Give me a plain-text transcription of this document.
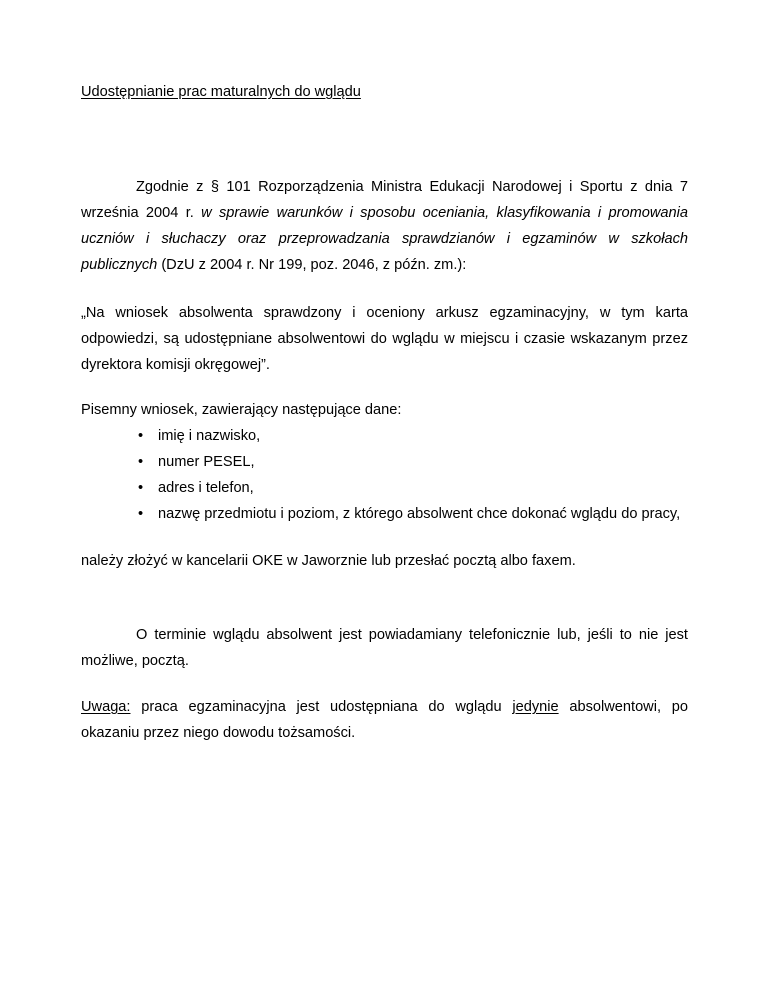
Udostępnianie prac maturalnych do wglądu

Zgodnie z § 101 Rozporządzenia Ministra Edukacji Narodowej i Sportu z dnia 7 września 2004 r. w sprawie warunków i sposobu oceniania, klasyfikowania i promowania uczniów i słuchaczy oraz przeprowadzania sprawdzianów i egzaminów w szkołach publicznych (DzU z 2004 r. Nr 199, poz. 2046, z późn. zm.):

„Na wniosek absolwenta sprawdzony i oceniony arkusz egzaminacyjny, w tym karta odpowiedzi, są udostępniane absolwentowi do wglądu w miejscu i czasie wskazanym przez dyrektora komisji okręgowej”.

Pisemny wniosek, zawierający następujące dane:

• imię i nazwisko,
• numer PESEL,
• adres i telefon,
• nazwę przedmiotu i poziom, z którego absolwent chce dokonać wglądu do pracy,

należy złożyć w kancelarii OKE w Jaworznie lub przesłać pocztą albo faxem.

O terminie wglądu absolwent jest powiadamiany telefonicznie lub, jeśli to nie jest możliwe, pocztą.

Uwaga: praca egzaminacyjna jest udostępniana do wglądu jedynie absolwentowi, po okazaniu przez niego dowodu tożsamości.
